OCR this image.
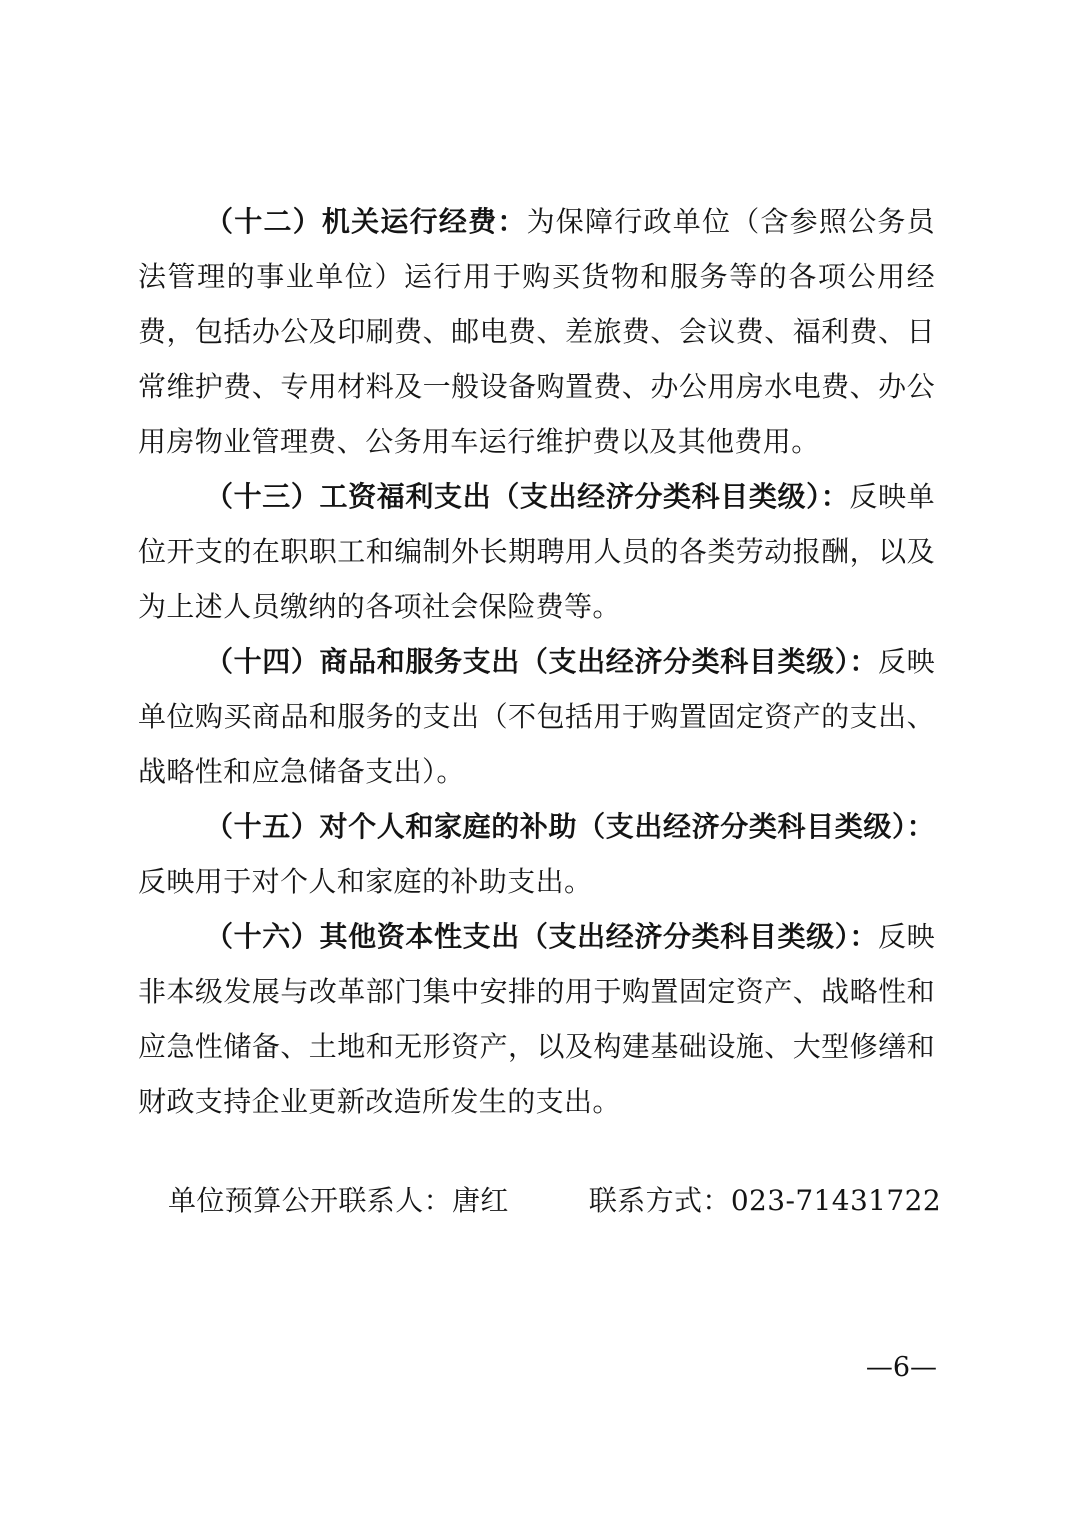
（十二）机关运行经费：为保障行政单位（含参照公务员法管理的事业单位）运行用于购买货物和服务等的各项公用经费，包括办公及印刷费、邮电费、差旅费、会议费、福利费、日常维护费、专用材料及一般设备购置费、办公用房水电费、办公用房物业管理费、公务用车运行维护费以及其他费用。

（十三）工资福利支出（支出经济分类科目类级）：反映单位开支的在职职工和编制外长期聘用人员的各类劳动报酬，以及为上述人员缴纳的各项社会保险费等。

（十四）商品和服务支出（支出经济分类科目类级）：反映单位购买商品和服务的支出（不包括用于购置固定资产的支出、战略性和应急储备支出）。

（十五）对个人和家庭的补助（支出经济分类科目类级）：反映用于对个人和家庭的补助支出。

（十六）其他资本性支出（支出经济分类科目类级）：反映非本级发展与改革部门集中安排的用于购置固定资产、战略性和应急性储备、土地和无形资产，以及构建基础设施、大型修缮和财政支持企业更新改造所发生的支出。

单位预算公开联系人：唐红	联系方式：023-71431722

—6—
